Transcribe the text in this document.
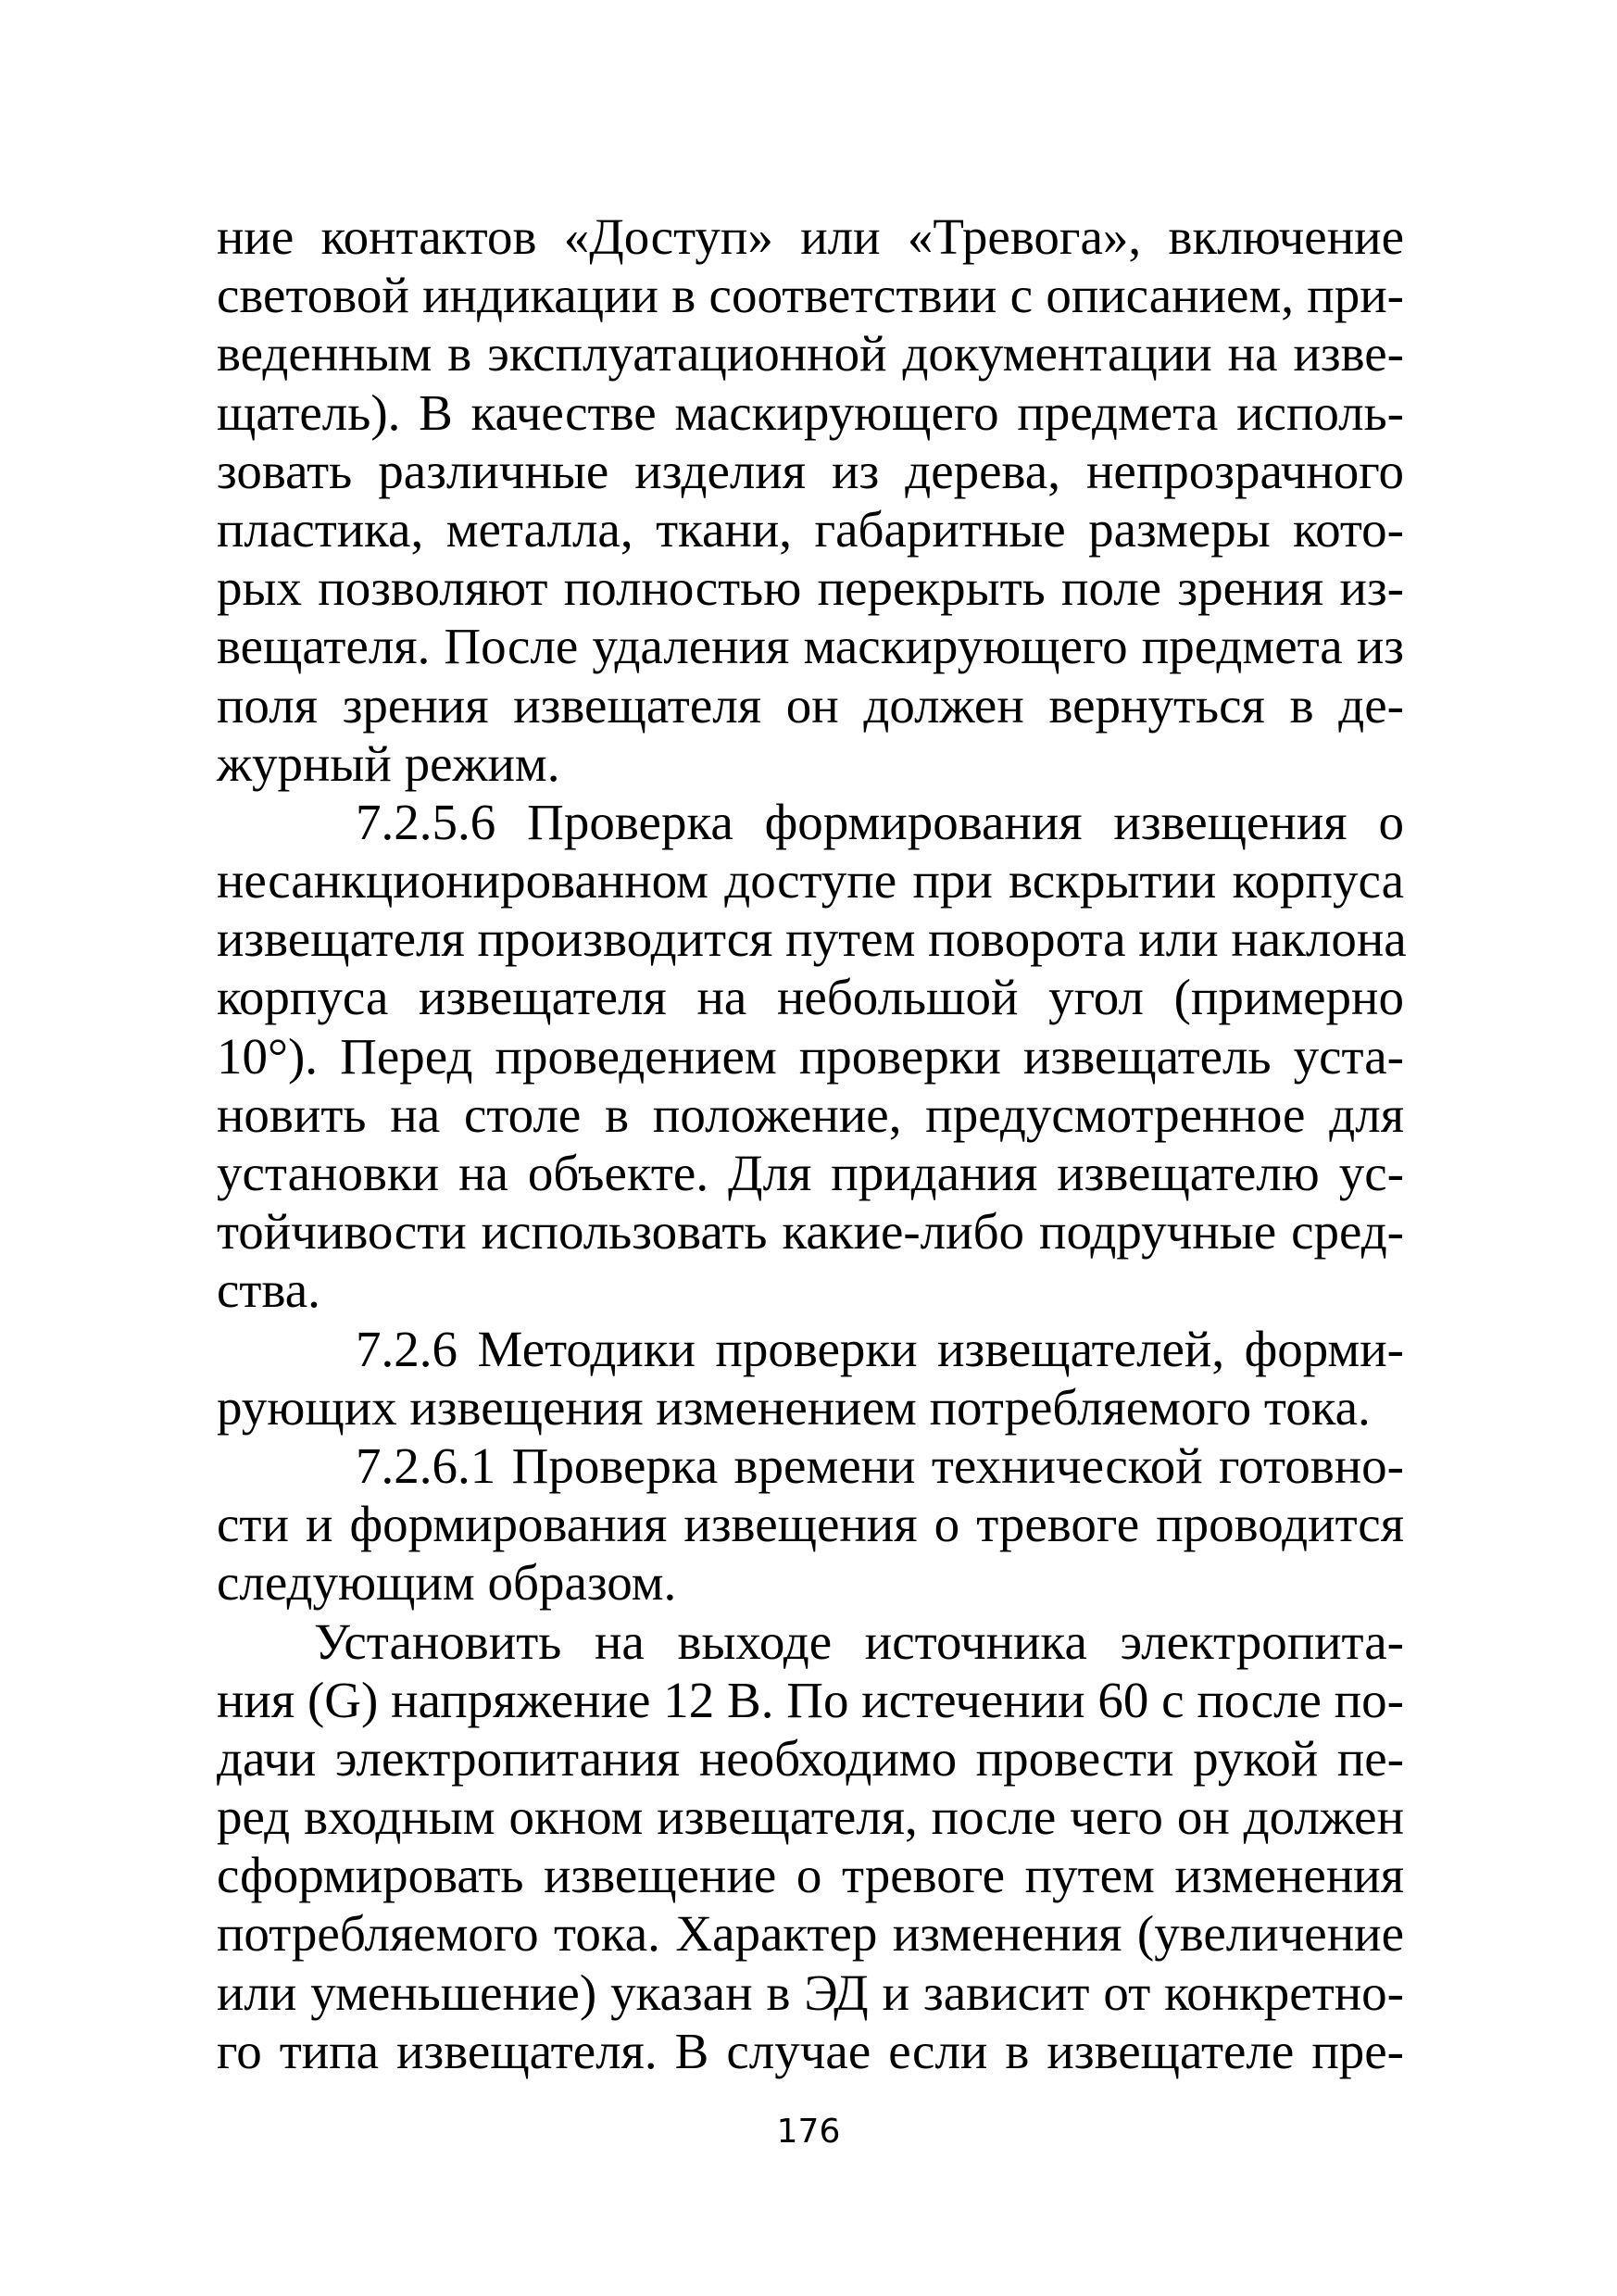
ние контактов «Доступ» или «Тревога», включение
световой индикации в соответствии с описанием, при-
веденным в эксплуатационной документации на изве-
щатель). В качестве маскирующего предмета исполь-
зовать различные изделия из дерева, непрозрачного
пластика, металла, ткани, габаритные размеры кото-
рых позволяют полностью перекрыть поле зрения из-
вещателя. После удаления маскирующего предмета из
поля зрения извещателя он должен вернуться в де-
журный режим.
7.2.5.6 Проверка формирования извещения о
несанкционированном доступе при вскрытии корпуса
извещателя производится путем поворота или наклона
корпуса извещателя на небольшой угол (примерно
10°). Перед проведением проверки извещатель уста-
новить на столе в положение, предусмотренное для
установки на объекте. Для придания извещателю ус-
тойчивости использовать какие-либо подручные сред-
ства.
7.2.6 Методики проверки извещателей, форми-
рующих извещения изменением потребляемого тока.
7.2.6.1 Проверка времени технической готовно-
сти и формирования извещения о тревоге проводится
следующим образом.
Установить на выходе источника электропита-
ния (G) напряжение 12 В. По истечении 60 с после по-
дачи электропитания необходимо провести рукой пе-
ред входным окном извещателя, после чего он должен
сформировать извещение о тревоге путем изменения
потребляемого тока. Характер изменения (увеличение
или уменьшение) указан в ЭД и зависит от конкретно-
го типа извещателя. В случае если в извещателе пре-
176
